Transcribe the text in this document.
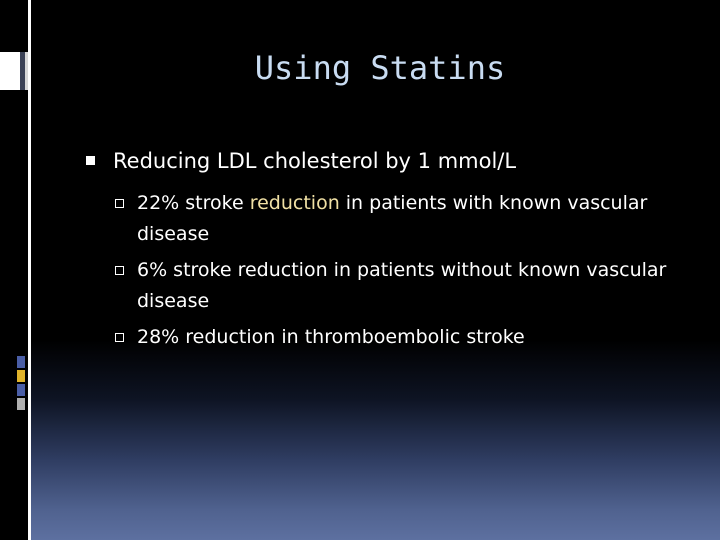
Using Statins
Reducing LDL cholesterol by 1 mmol/L
22% stroke reduction in patients with known vascular disease
6% stroke reduction in patients without known vascular disease
28% reduction in thromboembolic stroke
